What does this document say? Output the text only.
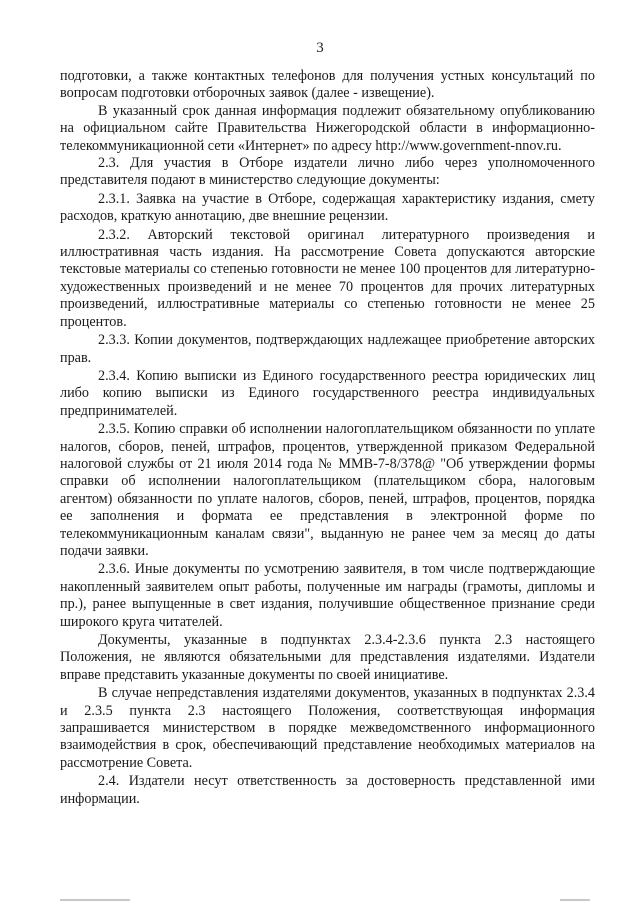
3

подготовки, а также контактных телефонов для получения устных консультаций по вопросам подготовки отборочных заявок (далее - извещение).

В указанный срок данная информация подлежит обязательному опубликованию на официальном сайте Правительства Нижегородской области в информационно-телекоммуникационной сети «Интернет» по адресу http://www.government-nnov.ru.

2.3. Для участия в Отборе издатели лично либо через уполномоченного представителя подают в министерство следующие документы:

2.3.1. Заявка на участие в Отборе, содержащая характеристику издания, смету расходов, краткую аннотацию, две внешние рецензии.

2.3.2. Авторский текстовой оригинал литературного произведения и иллюстративная часть издания. На рассмотрение Совета допускаются авторские текстовые материалы со степенью готовности не менее 100 процентов для литературно-художественных произведений и не менее 70 процентов для прочих литературных произведений, иллюстративные материалы со степенью готовности не менее 25 процентов.

2.3.3. Копии документов, подтверждающих надлежащее приобретение авторских прав.

2.3.4. Копию выписки из Единого государственного реестра юридических лиц либо копию выписки из Единого государственного реестра индивидуальных предпринимателей.

2.3.5. Копию справки об исполнении налогоплательщиком обязанности по уплате налогов, сборов, пеней, штрафов, процентов, утвержденной приказом Федеральной налоговой службы от 21 июля 2014 года № ММВ-7-8/378@ "Об утверждении формы справки об исполнении налогоплательщиком (плательщиком сбора, налоговым агентом) обязанности по уплате налогов, сборов, пеней, штрафов, процентов, порядка ее заполнения и формата ее представления в электронной форме по телекоммуникационным каналам связи", выданную не ранее чем за месяц до даты подачи заявки.

2.3.6. Иные документы по усмотрению заявителя, в том числе подтверждающие накопленный заявителем опыт работы, полученные им награды (грамоты, дипломы и пр.), ранее выпущенные в свет издания, получившие общественное признание среди широкого круга читателей.

Документы, указанные в подпунктах 2.3.4-2.3.6 пункта 2.3 настоящего Положения, не являются обязательными для представления издателями. Издатели вправе представить указанные документы по своей инициативе.

В случае непредставления издателями документов, указанных в подпунктах 2.3.4 и 2.3.5 пункта 2.3 настоящего Положения, соответствующая информация запрашивается министерством в порядке межведомственного информационного взаимодействия в срок, обеспечивающий представление необходимых материалов на рассмотрение Совета.

2.4. Издатели несут ответственность за достоверность представленной ими информации.
